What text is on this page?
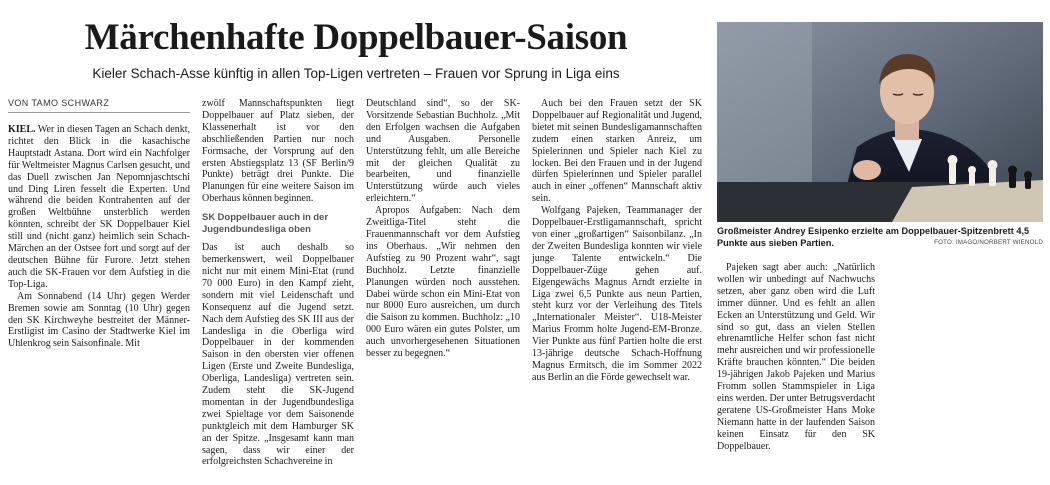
Märchenhafte Doppelbauer-Saison
Kieler Schach-Asse künftig in allen Top-Ligen vertreten – Frauen vor Sprung in Liga eins
VON TAMO SCHWARZ

KIEL. Wer in diesen Tagen an Schach denkt, richtet den Blick in die kasachische Hauptstadt Astana. Dort wird ein Nachfolger für Weltmeister Magnus Carlsen gesucht, und das Duell zwischen Jan Nepomnjaschtschi und Ding Liren fesselt die Experten. Und während die beiden Kontrahenten auf der großen Weltbühne unsterblich werden könnten, schreibt der SK Doppelbauer Kiel still und (nicht ganz) heimlich sein Schach-Märchen an der Ostsee fort und sorgt auf der deutschen Bühne für Furore. Jetzt stehen auch die SK-Frauen vor dem Aufstieg in die Top-Liga.

Am Sonnabend (14 Uhr) gegen Werder Bremen sowie am Sonntag (10 Uhr) gegen den SK Kirchweyhe bestreitet der Männer-Erstligist im Casino der Stadtwerke Kiel im Uhlenkrog sein Saisonfinale. Mit

zwölf Mannschaftspunkten liegt Doppelbauer auf Platz sieben, der Klassenerhalt ist vor den abschließenden Partien nur noch Formsache, der Vorsprung auf den ersten Abstiegsplatz 13 (SF Berlin/9 Punkte) beträgt drei Punkte. Die Planungen für eine weitere Saison im Oberhaus können beginnen.

SK Doppelbauer auch in der Jugendbundesliga oben

Das ist auch deshalb so bemerkenswert, weil Doppelbauer nicht nur mit einem Mini-Etat (rund 70 000 Euro) in den Kampf zieht, sondern mit viel Leidenschaft und Konsequenz auf die Jugend setzt. Nach dem Aufstieg des SK III aus der Landesliga in die Oberliga wird Doppelbauer in der kommenden Saison in den obersten vier offenen Ligen (Erste und Zweite Bundesliga, Oberliga, Landesliga) vertreten sein. Zudem steht die SK-Jugend momentan in der Jugendbundesliga zwei Spieltage vor dem Saisonende punktgleich mit dem Hamburger SK an der Spitze. „Insgesamt kann man sagen, dass wir einer der erfolgreichsten Schachvereine in

Deutschland sind“, so der SK-Vorsitzende Sebastian Buchholz. „Mit den Erfolgen wachsen die Aufgaben und Ausgaben. Personelle Unterstützung fehlt, um alle Bereiche mit der gleichen Qualität zu bearbeiten, und finanzielle Unterstützung würde auch vieles erleichtern.“

Apropos Aufgaben: Nach dem Zweitliga-Titel steht die Frauenmannschaft vor dem Aufstieg ins Oberhaus. „Wir nehmen den Aufstieg zu 90 Prozent wahr“, sagt Buchholz. Letzte finanzielle Planungen würden noch ausstehen. Dabei würde schon ein Mini-Etat von nur 8000 Euro ausreichen, um durch die Saison zu kommen. Buchholz: „10 000 Euro wären ein gutes Polster, um auch unvorhergesehenen Situationen besser zu begegnen.“

Auch bei den Frauen setzt der SK Doppelbauer auf Regionalität und Jugend, bietet mit seinen Bundesligamannschaften zudem einen starken Anreiz, um Spielerinnen und Spieler nach Kiel zu locken. Bei den Frauen und in der Jugend dürfen Spielerinnen und Spieler parallel auch in einer „offenen“ Mannschaft aktiv sein.

Wolfgang Pajeken, Teammanager der Doppelbauer-Erstligamannschaft, spricht von einer „großartigen“ Saisonbilanz. „In der Zweiten Bundesliga konnten wir viele junge Talente entwickeln.“ Die Doppelbauer-Züge gehen auf. Eigengewächs Magnus Arndt erzielte in Liga zwei 6,5 Punkte aus neun Partien, steht kurz vor der Verleihung des Titels „Internationaler Meister“. U18-Meister Marius Fromm holte Jugend-EM-Bronze. Vier Punkte aus fünf Partien holte die erst 13-jährige deutsche Schach-Hoffnung Magnus Ermitsch, die im Sommer 2022 aus Berlin an die Förde gewechselt war.

Pajeken sagt aber auch: „Natürlich wollen wir unbedingt auf Nachwuchs setzen, aber ganz oben wird die Luft immer dünner. Und es fehlt an allen Ecken an Unterstützung und Geld. Wir sind so gut, dass an vielen Stellen ehrenamtliche Helfer schon fast nicht mehr ausreichen und wir professionelle Kräfte brauchen könnten.“ Die beiden 19-jährigen Jakob Pajeken und Marius Fromm sollen Stammspieler in Liga eins werden. Der unter Betrugsverdacht geratene US-Großmeister Hans Moke Niemann hatte in der laufenden Saison keinen Einsatz für den SK Doppelbauer.

Großmeister Andrey Esipenko erzielte am Doppelbauer-Spitzenbrett 4,5 Punkte aus sieben Partien.	FOTO: IMAGO/NORBERT WIENOLD
